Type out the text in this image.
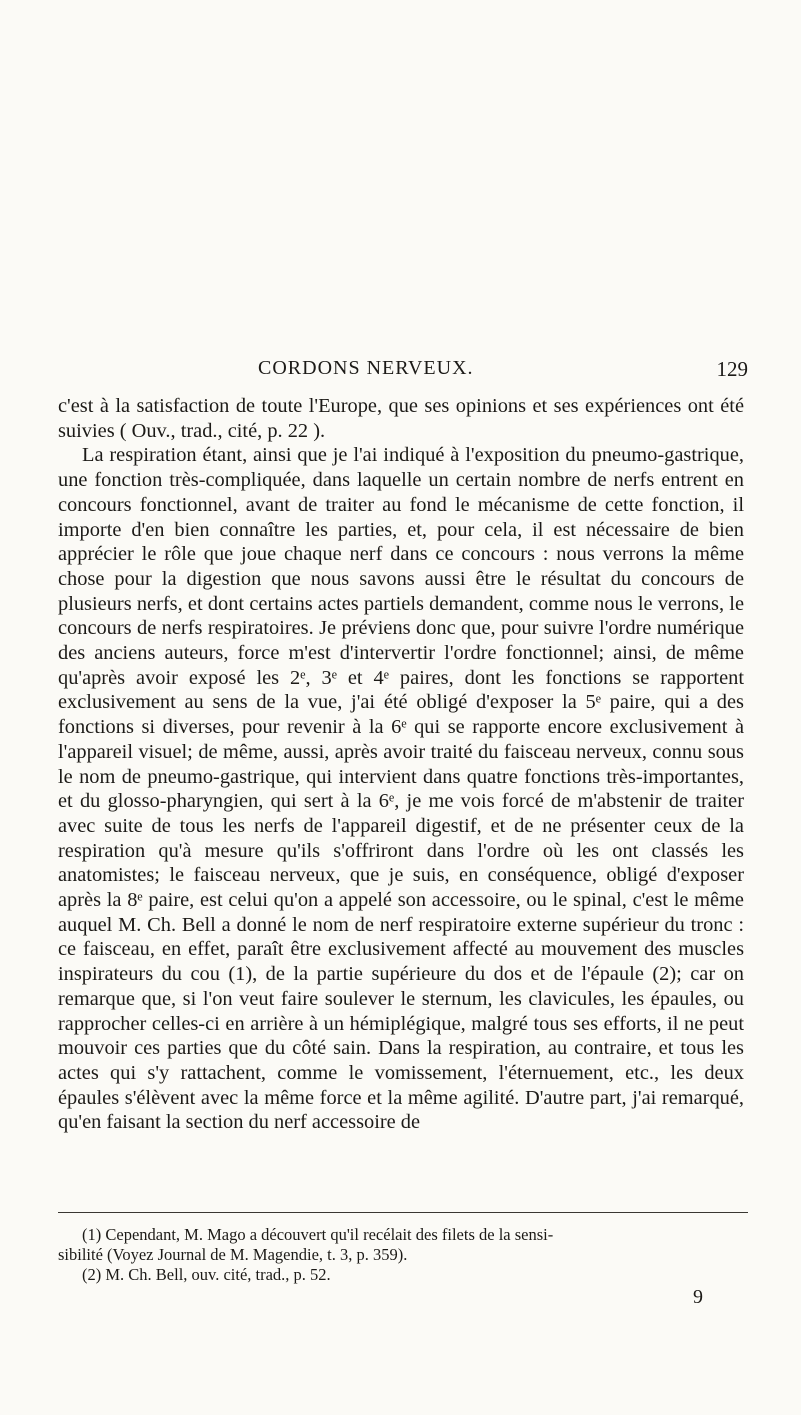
CORDONS NERVEUX.	129

c'est à la satisfaction de toute l'Europe, que ses opinions et ses expériences ont été suivies ( Ouv., trad., cité, p. 22 ).

La respiration étant, ainsi que je l'ai indiqué à l'exposition du pneumo-gastrique, une fonction très-compliquée, dans laquelle un certain nombre de nerfs entrent en concours fonctionnel, avant de traiter au fond le mécanisme de cette fonction, il importe d'en bien connaître les parties, et, pour cela, il est nécessaire de bien apprécier le rôle que joue chaque nerf dans ce concours : nous verrons la même chose pour la digestion que nous savons aussi être le résultat du concours de plusieurs nerfs, et dont certains actes partiels demandent, comme nous le verrons, le concours de nerfs respiratoires. Je préviens donc que, pour suivre l'ordre numérique des anciens auteurs, force m'est d'intervertir l'ordre fonctionnel; ainsi, de même qu'après avoir exposé les 2ᵉ, 3ᵉ et 4ᵉ paires, dont les fonctions se rapportent exclusivement au sens de la vue, j'ai été obligé d'exposer la 5ᵉ paire, qui a des fonctions si diverses, pour revenir à la 6ᵉ qui se rapporte encore exclusivement à l'appareil visuel; de même, aussi, après avoir traité du faisceau nerveux, connu sous le nom de pneumo-gastrique, qui intervient dans quatre fonctions très-importantes, et du glosso-pharyngien, qui sert à la 6ᵉ, je me vois forcé de m'abstenir de traiter avec suite de tous les nerfs de l'appareil digestif, et de ne présenter ceux de la respiration qu'à mesure qu'ils s'offriront dans l'ordre où les ont classés les anatomistes; le faisceau nerveux, que je suis, en conséquence, obligé d'exposer après la 8ᵉ paire, est celui qu'on a appelé son accessoire, ou le spinal, c'est le même auquel M. Ch. Bell a donné le nom de nerf respiratoire externe supérieur du tronc : ce faisceau, en effet, paraît être exclusivement affecté au mouvement des muscles inspirateurs du cou (1), de la partie supérieure du dos et de l'épaule (2); car on remarque que, si l'on veut faire soulever le sternum, les clavicules, les épaules, ou rapprocher celles-ci en arrière à un hémiplégique, malgré tous ses efforts, il ne peut mouvoir ces parties que du côté sain. Dans la respiration, au contraire, et tous les actes qui s'y rattachent, comme le vomissement, l'éternuement, etc., les deux épaules s'élèvent avec la même force et la même agilité. D'autre part, j'ai remarqué, qu'en faisant la section du nerf accessoire de

(1) Cependant, M. Mago a découvert qu'il recélait des filets de la sensi-

sibilité (Voyez Journal de M. Magendie, t. 3, p. 359).

(2) M. Ch. Bell, ouv. cité, trad., p. 52.

9
